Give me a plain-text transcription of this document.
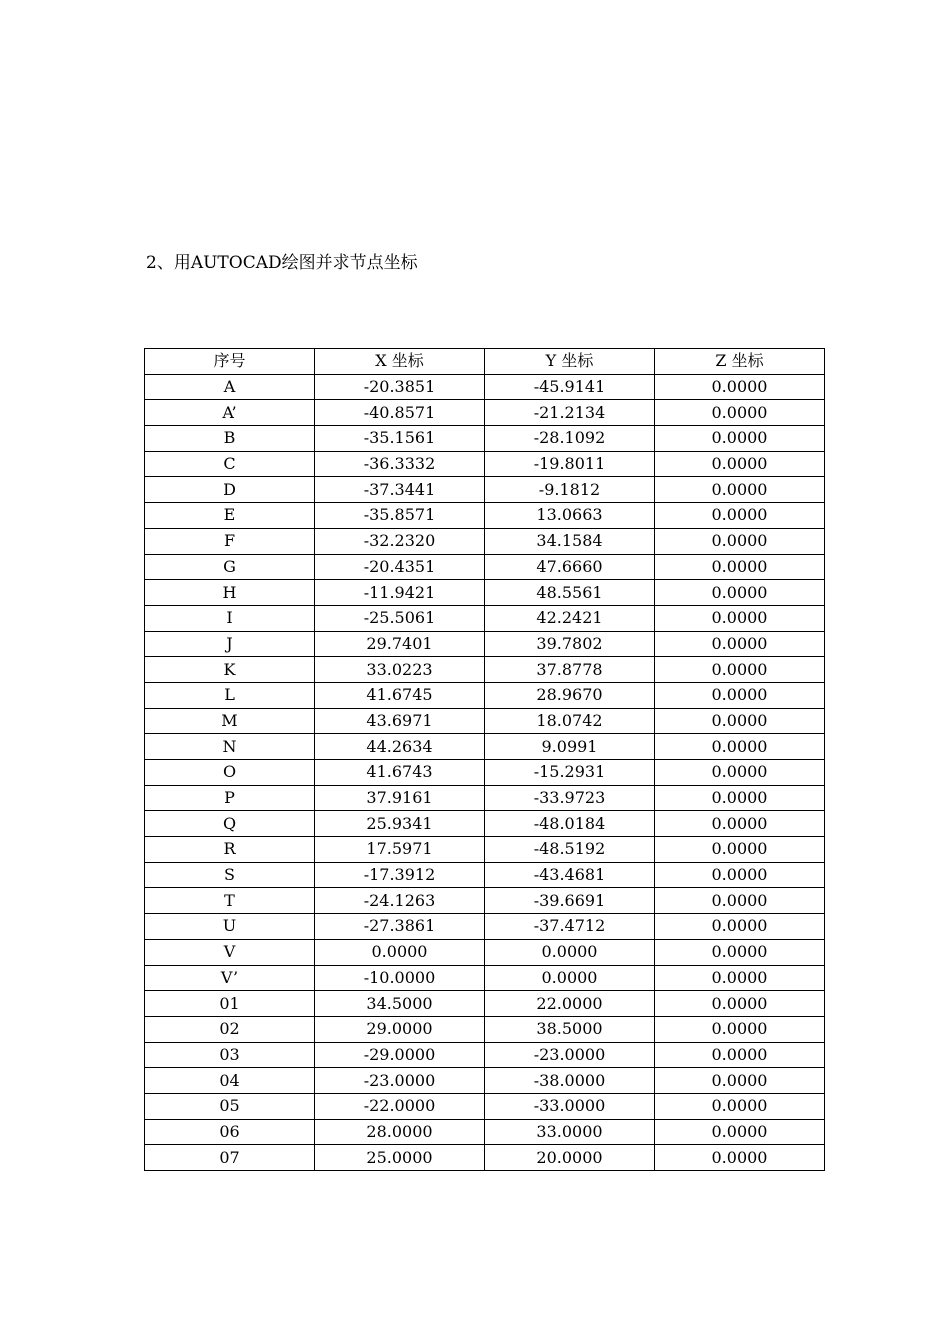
2、用AUTOCAD绘图并求节点坐标
序号	X 坐标	Y 坐标	Z 坐标
A	-20.3851	-45.9141	0.0000
A’	-40.8571	-21.2134	0.0000
B	-35.1561	-28.1092	0.0000
C	-36.3332	-19.8011	0.0000
D	-37.3441	-9.1812	0.0000
E	-35.8571	13.0663	0.0000
F	-32.2320	34.1584	0.0000
G	-20.4351	47.6660	0.0000
H	-11.9421	48.5561	0.0000
I	-25.5061	42.2421	0.0000
J	29.7401	39.7802	0.0000
K	33.0223	37.8778	0.0000
L	41.6745	28.9670	0.0000
M	43.6971	18.0742	0.0000
N	44.2634	9.0991	0.0000
O	41.6743	-15.2931	0.0000
P	37.9161	-33.9723	0.0000
Q	25.9341	-48.0184	0.0000
R	17.5971	-48.5192	0.0000
S	-17.3912	-43.4681	0.0000
T	-24.1263	-39.6691	0.0000
U	-27.3861	-37.4712	0.0000
V	0.0000	0.0000	0.0000
V’	-10.0000	0.0000	0.0000
01	34.5000	22.0000	0.0000
02	29.0000	38.5000	0.0000
03	-29.0000	-23.0000	0.0000
04	-23.0000	-38.0000	0.0000
05	-22.0000	-33.0000	0.0000
06	28.0000	33.0000	0.0000
07	25.0000	20.0000	0.0000
